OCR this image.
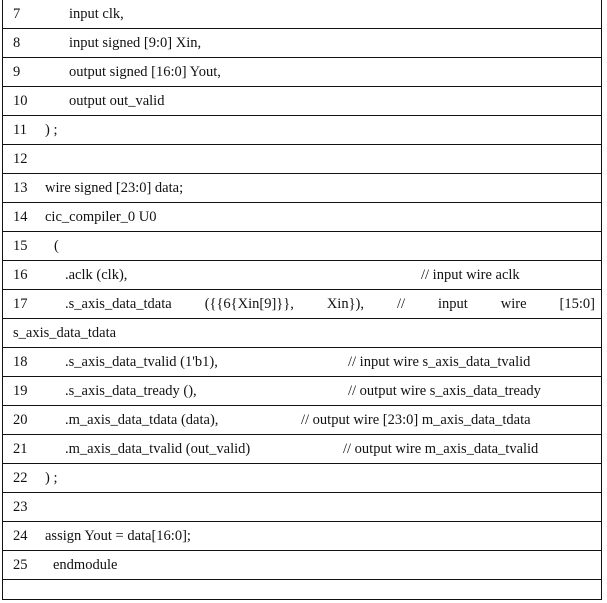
7	input clk,
8	input signed [9:0] Xin,
9	output signed [16:0] Yout,
10	output out_valid
11 ) ;
12
13 wire signed [23:0] data;
14 cic_compiler_0 U0
15 (
16	.aclk (clk),	// input wire aclk
17	.s_axis_data_tdata ({{6{Xin[9]}}, Xin}), // input wire [15:0]
s_axis_data_tdata
18	.s_axis_data_tvalid (1'b1),	// input wire s_axis_data_tvalid
19	.s_axis_data_tready (),	// output wire s_axis_data_tready
20	.m_axis_data_tdata (data),	// output wire [23:0] m_axis_data_tdata
21	.m_axis_data_tvalid (out_valid)	// output wire m_axis_data_tvalid
22 ) ;
23
24 assign Yout = data[16:0];
25 endmodule
